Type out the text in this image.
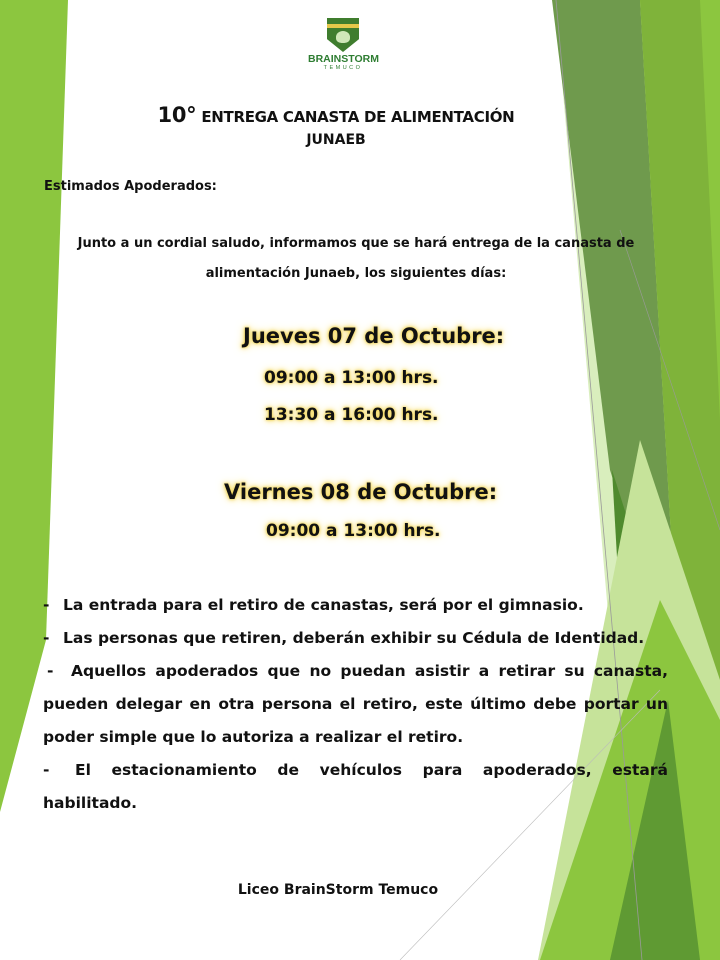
BRAINSTORM
TEMUCO
10° ENTREGA CANASTA DE ALIMENTACIÓN
JUNAEB
Estimados Apoderados:
Junto a un cordial saludo, informamos que se hará entrega de la canasta de alimentación Junaeb, los siguientes días:
Jueves 07 de Octubre:
09:00 a 13:00 hrs.
13:30 a 16:00 hrs.
Viernes 08 de Octubre:
09:00 a 13:00 hrs.

- La entrada para el retiro de canastas, será por el gimnasio.

- Las personas que retiren, deberán exhibir su Cédula de Identidad.

- Aquellos apoderados que no puedan asistir a retirar su canasta, pueden delegar en otra persona el retiro, este último debe portar un poder simple que lo autoriza a realizar el retiro.

- El estacionamiento de vehículos para apoderados, estará habilitado.

Liceo BrainStorm Temuco
